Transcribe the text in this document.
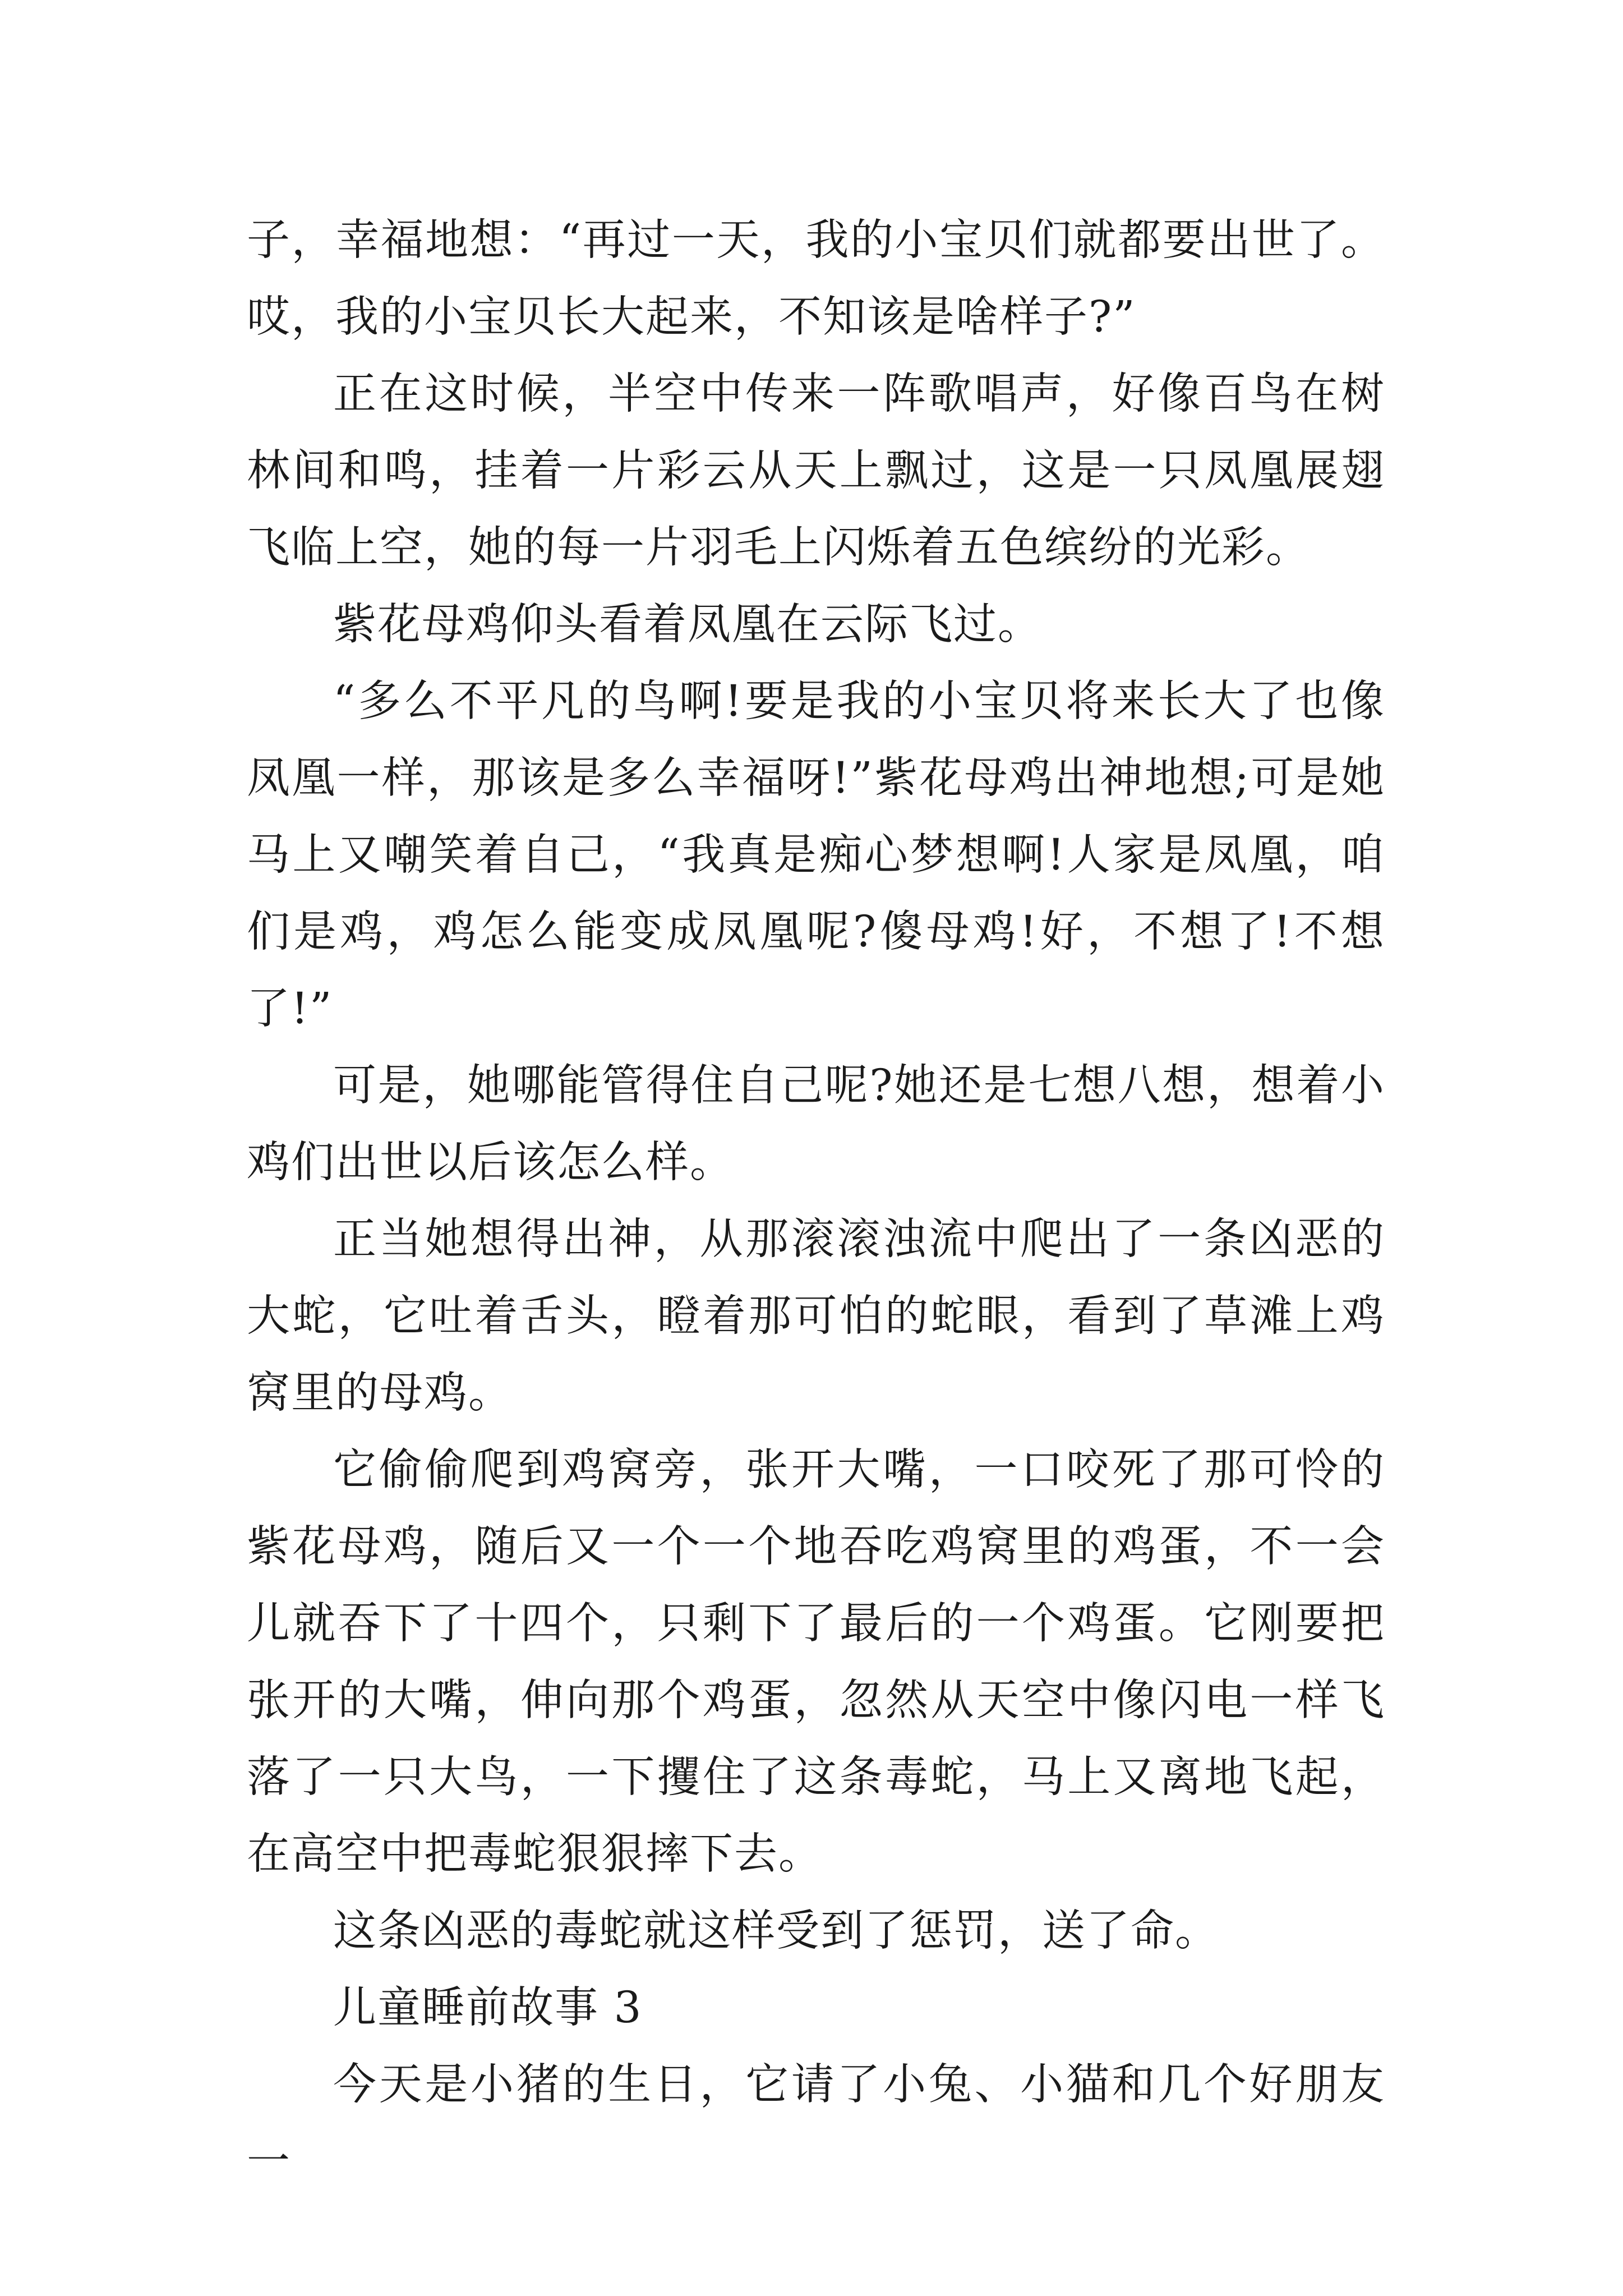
子，幸福地想：“再过一天，我的小宝贝们就都要出世了。哎，我的小宝贝长大起来，不知该是啥样子?”

正在这时候，半空中传来一阵歌唱声，好像百鸟在树林间和鸣，挂着一片彩云从天上飘过，这是一只凤凰展翅飞临上空，她的每一片羽毛上闪烁着五色缤纷的光彩。

紫花母鸡仰头看着凤凰在云际飞过。

“多么不平凡的鸟啊!要是我的小宝贝将来长大了也像凤凰一样，那该是多么幸福呀!”紫花母鸡出神地想;可是她马上又嘲笑着自己，“我真是痴心梦想啊!人家是凤凰，咱们是鸡，鸡怎么能变成凤凰呢?傻母鸡!好，不想了!不想了!”

可是，她哪能管得住自己呢?她还是七想八想，想着小鸡们出世以后该怎么样。

正当她想得出神，从那滚滚浊流中爬出了一条凶恶的大蛇，它吐着舌头，瞪着那可怕的蛇眼，看到了草滩上鸡窝里的母鸡。

它偷偷爬到鸡窝旁，张开大嘴，一口咬死了那可怜的紫花母鸡，随后又一个一个地吞吃鸡窝里的鸡蛋，不一会儿就吞下了十四个，只剩下了最后的一个鸡蛋。它刚要把张开的大嘴，伸向那个鸡蛋，忽然从天空中像闪电一样飞落了一只大鸟，一下攫住了这条毒蛇，马上又离地飞起，在高空中把毒蛇狠狠摔下去。

这条凶恶的毒蛇就这样受到了惩罚，送了命。

儿童睡前故事 3

今天是小猪的生日，它请了小兔、小猫和几个好朋友一
